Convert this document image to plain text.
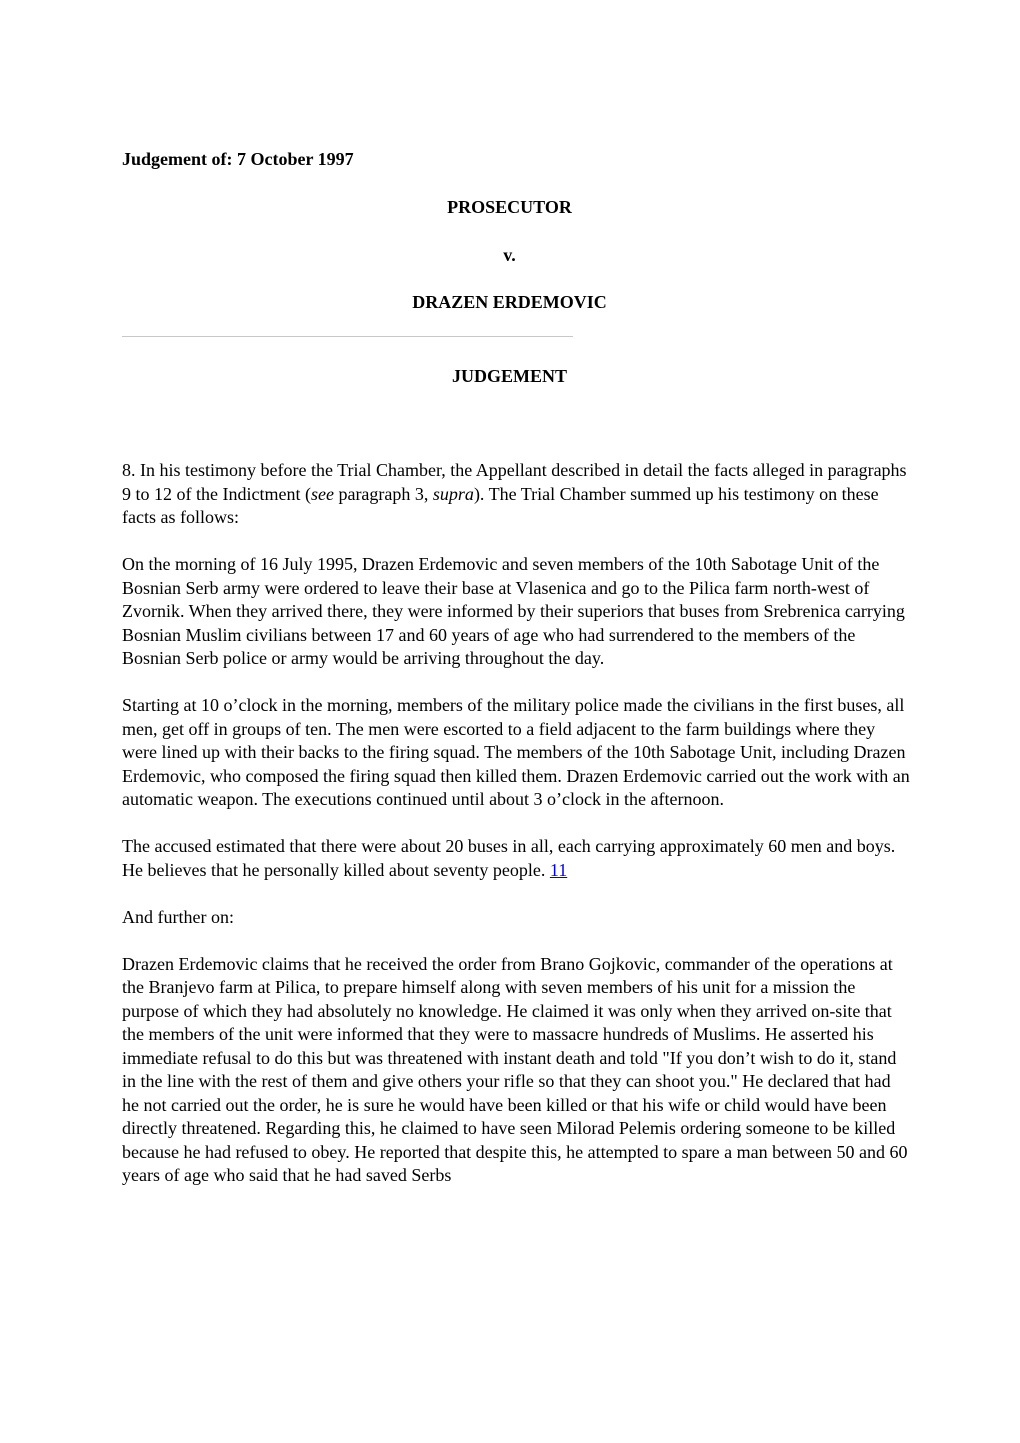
Judgement of: 7 October 1997
PROSECUTOR
v.
DRAZEN ERDEMOVIC
JUDGEMENT

8. In his testimony before the Trial Chamber, the Appellant described in detail the facts alleged in paragraphs 9 to 12 of the Indictment (see paragraph 3, supra). The Trial Chamber summed up his testimony on these facts as follows:

On the morning of 16 July 1995, Drazen Erdemovic and seven members of the 10th Sabotage Unit of the Bosnian Serb army were ordered to leave their base at Vlasenica and go to the Pilica farm north-west of Zvornik. When they arrived there, they were informed by their superiors that buses from Srebrenica carrying Bosnian Muslim civilians between 17 and 60 years of age who had surrendered to the members of the Bosnian Serb police or army would be arriving throughout the day.

Starting at 10 o’clock in the morning, members of the military police made the civilians in the first buses, all men, get off in groups of ten. The men were escorted to a field adjacent to the farm buildings where they were lined up with their backs to the firing squad. The members of the 10th Sabotage Unit, including Drazen Erdemovic, who composed the firing squad then killed them. Drazen Erdemovic carried out the work with an automatic weapon. The executions continued until about 3 o’clock in the afternoon.

The accused estimated that there were about 20 buses in all, each carrying approximately 60 men and boys. He believes that he personally killed about seventy people. 11

And further on:

Drazen Erdemovic claims that he received the order from Brano Gojkovic, commander of the operations at the Branjevo farm at Pilica, to prepare himself along with seven members of his unit for a mission the purpose of which they had absolutely no knowledge. He claimed it was only when they arrived on-site that the members of the unit were informed that they were to massacre hundreds of Muslims. He asserted his immediate refusal to do this but was threatened with instant death and told "If you don’t wish to do it, stand in the line with the rest of them and give others your rifle so that they can shoot you." He declared that had he not carried out the order, he is sure he would have been killed or that his wife or child would have been directly threatened. Regarding this, he claimed to have seen Milorad Pelemis ordering someone to be killed because he had refused to obey. He reported that despite this, he attempted to spare a man between 50 and 60 years of age who said that he had saved Serbs
